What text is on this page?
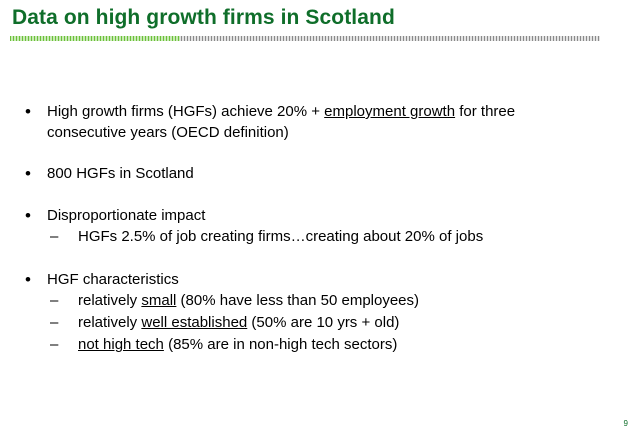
Data on high growth firms in Scotland
• High growth firms (HGFs) achieve 20% + employment growth for three
consecutive years (OECD definition)
• 800 HGFs in Scotland
• Disproportionate impact
– HGFs 2.5% of job creating firms…creating about 20% of jobs
• HGF characteristics
– relatively small (80% have less than 50 employees)
– relatively well established (50% are 10 yrs + old)
– not high tech (85% are in non-high tech sectors)
9
